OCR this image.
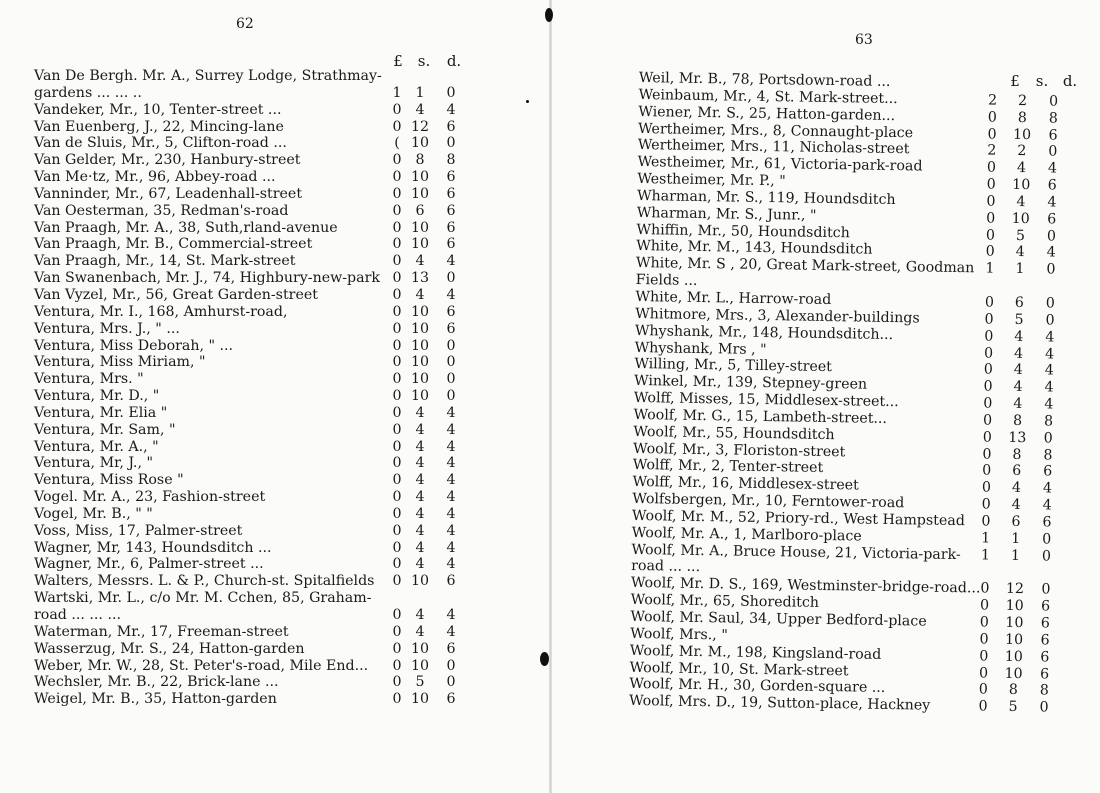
62
£	s. d.
Van De Bergh. Mr. A., Surrey Lodge, Strathmay-
gardens ... ... ..	1 1	0
Vandeker, Mr., 10, Tenter-street ...	0 4	4
Van Euenberg, J., 22, Mincing-lane	0 12	6
Van de Sluis, Mr., 5, Clifton-road ...	( 10	0
Van Gelder, Mr., 230, Hanbury-street	0 8	8
Van Me·tz, Mr., 96, Abbey-road ...	0 10	6
Vanninder, Mr., 67, Leadenhall-street	0 10	6
Van Oesterman, 35, Redman's-road	0 6	6
Van Praagh, Mr. A., 38, Suth,rland-avenue	0 10	6
Van Praagh, Mr. B., Commercial-street	0 10	6
Van Praagh, Mr., 14, St. Mark-street	0 4	4
Van Swanenbach, Mr. J., 74, Highbury-new-park 0 13	0
Van Vyzel, Mr., 56, Great Garden-street	0 4	4
Ventura, Mr. I., 168, Amhurst-road,	0 10	6
Ventura, Mrs. J., " ...	0 10	6
Ventura, Miss Deborah, " ...	0 10	0
Ventura, Miss Miriam, "	0 10	0
Ventura, Mrs. "	0 10	0
Ventura, Mr. D., "	0 10	0
Ventura, Mr. Elia "	0 4	4
Ventura, Mr. Sam, "	0 4	4
Ventura, Mr. A., "	0 4	4
Ventura, Mr, J., "	0 4	4
Ventura, Miss Rose "	0 4	4
Vogel. Mr. A., 23, Fashion-street	0 4	4
Vogel, Mr. B., " "	0 4	4
Voss, Miss, 17, Palmer-street	0 4	4
Wagner, Mr, 143, Houndsditch ...	0 4	4
Wagner, Mr., 6, Palmer-street ...	0 4	4
Walters, Messrs. L. & P., Church-st. Spitalfields	0 10	6
Wartski, Mr. L., c/o Mr. M. Cchen, 85, Graham-
road ... ... ...	0 4	4
Waterman, Mr., 17, Freeman-street	0 4	4
Wasserzug, Mr. S., 24, Hatton-garden	0 10	6
Weber, Mr. W., 28, St. Peter's-road, Mile End...	0 10	0
Wechsler, Mr. B., 22, Brick-lane ...	0 5	0
Weigel, Mr. B., 35, Hatton-garden	0 10	6
63
£	s. d.
Weil, Mr. B., 78, Portsdown-road ...
Weinbaum, Mr., 4, St. Mark-street...	2	2	0
Wiener, Mr. S., 25, Hatton-garden...	0	8	8
Wertheimer, Mrs., 8, Connaught-place	0	10	6
Wertheimer, Mrs., 11, Nicholas-street	2	2	0
Westheimer, Mr., 61, Victoria-park-road	0	4	4
Westheimer, Mr. P., "	0	10	6
Wharman, Mr. S., 119, Houndsditch	0	4	4
Wharman, Mr. S., Junr., "	0	10	6
Whiffin, Mr., 50, Houndsditch	0	5	0
White, Mr. M., 143, Houndsditch	0	4	4
White, Mr. S , 20, Great Mark-street, Goodman 1	1	0
Fields ...
White, Mr. L., Harrow-road	0	6	0
Whitmore, Mrs., 3, Alexander-buildings	0	5	0
Whyshank, Mr., 148, Houndsditch...	0	4	4
Whyshank, Mrs , "	0	4	4
Willing, Mr., 5, Tilley-street	0	4	4
Winkel, Mr., 139, Stepney-green	0	4	4
Wolff, Misses, 15, Middlesex-street...	0	4	4
Woolf, Mr. G., 15, Lambeth-street...	0	8	8
Woolf, Mr., 55, Houndsditch	0	13	0
Woolf, Mr., 3, Floriston-street	0	8	8
Wolff, Mr., 2, Tenter-street	0	6	6
Wolff, Mr., 16, Middlesex-street	0	4	4
Wolfsbergen, Mr., 10, Ferntower-road	0	4	4
Woolf, Mr. M., 52, Priory-rd., West Hampstead	0	6	6
Woolf, Mr. A., 1, Marlboro-place	1	1	0
Woolf, Mr. A., Bruce House, 21, Victoria-park-	1	1	0
road ... ...
Woolf, Mr. D. S., 169, Westminster-bridge-road... 0	12	0
Woolf, Mr., 65, Shoreditch	0	10	6
Woolf, Mr. Saul, 34, Upper Bedford-place	0	10	6
Woolf, Mrs., "	0	10	6
Woolf, Mr. M., 198, Kingsland-road	0	10	6
Woolf, Mr., 10, St. Mark-street	0	10	6
Woolf, Mr. H., 30, Gorden-square ...	0	8	8
Woolf, Mrs. D., 19, Sutton-place, Hackney	0	5	0
